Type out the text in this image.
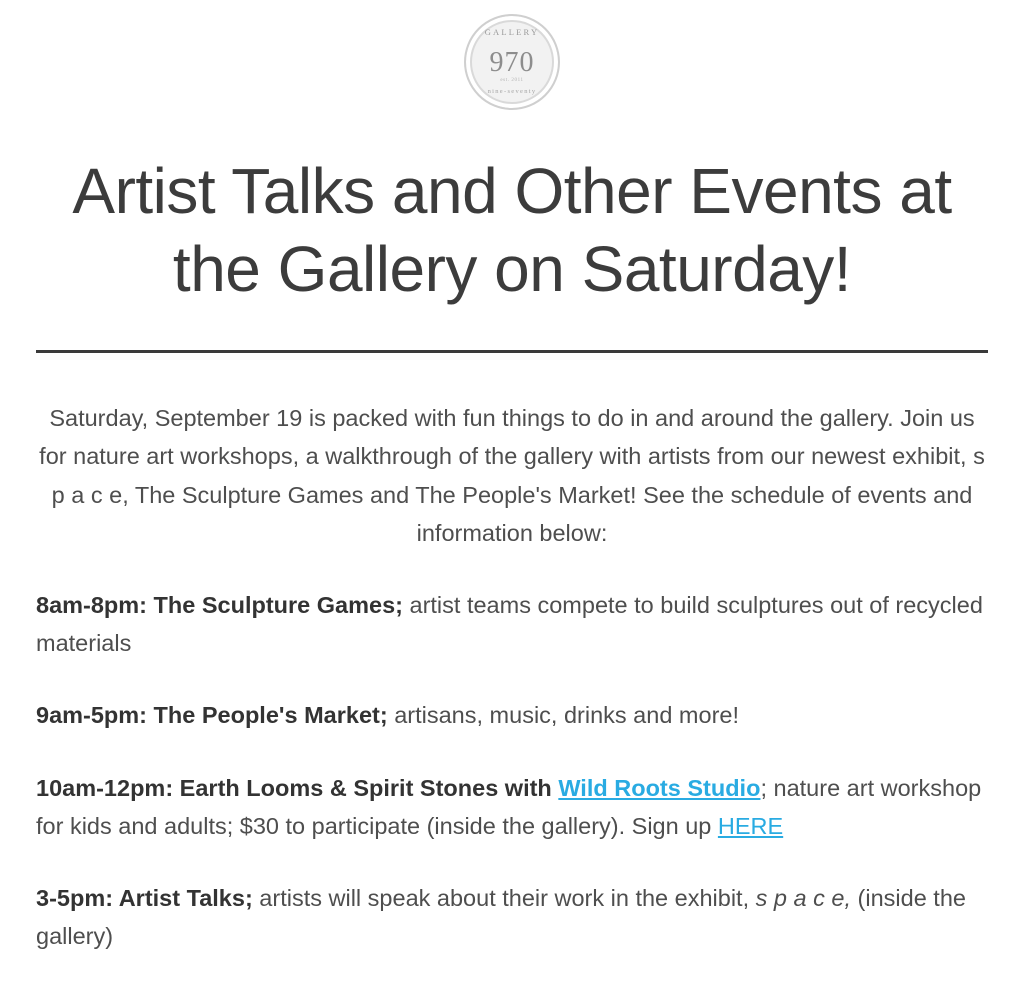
GALLERY
970
est. 2011
nine-seventy
Artist Talks and Other Events at the Gallery on Saturday!

Saturday, September 19 is packed with fun things to do in and around the gallery. Join us for nature art workshops, a walkthrough of the gallery with artists from our newest exhibit, s p a c e, The Sculpture Games and The People's Market! See the schedule of events and information below:

8am-8pm: The Sculpture Games; artist teams compete to build sculptures out of recycled materials

9am-5pm: The People's Market; artisans, music, drinks and more!

10am-12pm: Earth Looms & Spirit Stones with Wild Roots Studio; nature art workshop for kids and adults; $30 to participate (inside the gallery). Sign up HERE

3-5pm: Artist Talks; artists will speak about their work in the exhibit, s p a c e, (inside the gallery)
